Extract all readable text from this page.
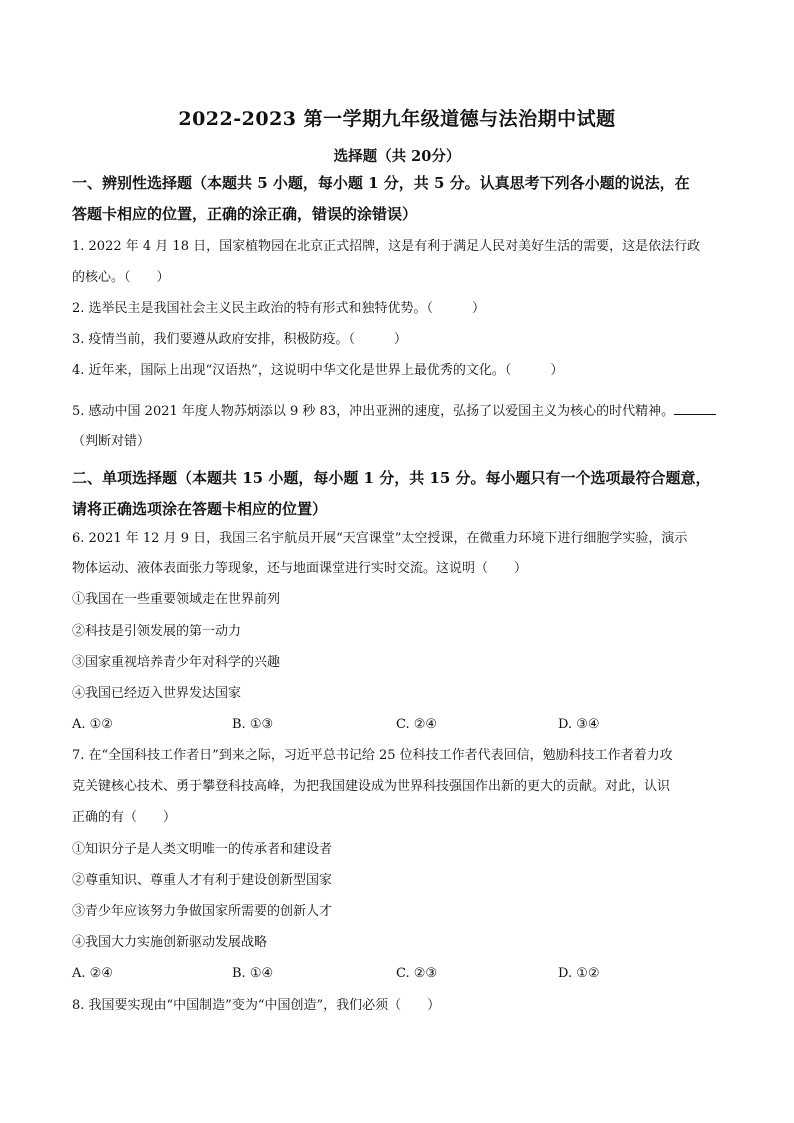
2022-2023 第一学期九年级道德与法治期中试题
选择题（共 20分）
一、辨别性选择题（本题共 5 小题，每小题 1 分，共 5 分。认真思考下列各小题的说法，在
答题卡相应的位置，正确的涂正确，错误的涂错误）
1. 2022 年 4 月 18 日，国家植物园在北京正式招牌，这是有利于满足人民对美好生活的需要，这是依法行政
的核心。（　　）
2. 选举民主是我国社会主义民主政治的特有形式和独特优势。（　　　）
3. 疫情当前，我们要遵从政府安排，积极防疫。（　　　）
4. 近年来，国际上出现“汉语热”，这说明中华文化是世界上最优秀的文化。（　　　）
5. 感动中国 2021 年度人物苏炳添以 9 秒 83，冲出亚洲的速度，弘扬了以爱国主义为核心的时代精神。
（判断对错）
二、单项选择题（本题共 15 小题，每小题 1 分，共 15 分。每小题只有一个选项最符合题意，
请将正确选项涂在答题卡相应的位置）
6. 2021 年 12 月 9 日，我国三名宇航员开展“天宫课堂”太空授课，在微重力环境下进行细胞学实验，演示
物体运动、液体表面张力等现象，还与地面课堂进行实时交流。这说明（　　）
①我国在一些重要领域走在世界前列
②科技是引领发展的第一动力
③国家重视培养青少年对科学的兴趣
④我国已经迈入世界发达国家
A. ①②	B. ①③	C. ②④	D. ③④
7. 在“全国科技工作者日”到来之际，习近平总书记给 25 位科技工作者代表回信，勉励科技工作者着力攻
克关键核心技术、勇于攀登科技高峰，为把我国建设成为世界科技强国作出新的更大的贡献。对此，认识
正确的有（　　）
①知识分子是人类文明唯一的传承者和建设者
②尊重知识、尊重人才有利于建设创新型国家
③青少年应该努力争做国家所需要的创新人才
④我国大力实施创新驱动发展战略
A. ②④	B. ①④	C. ②③	D. ①②
8. 我国要实现由“中国制造”变为“中国创造”，我们必须（　　）
